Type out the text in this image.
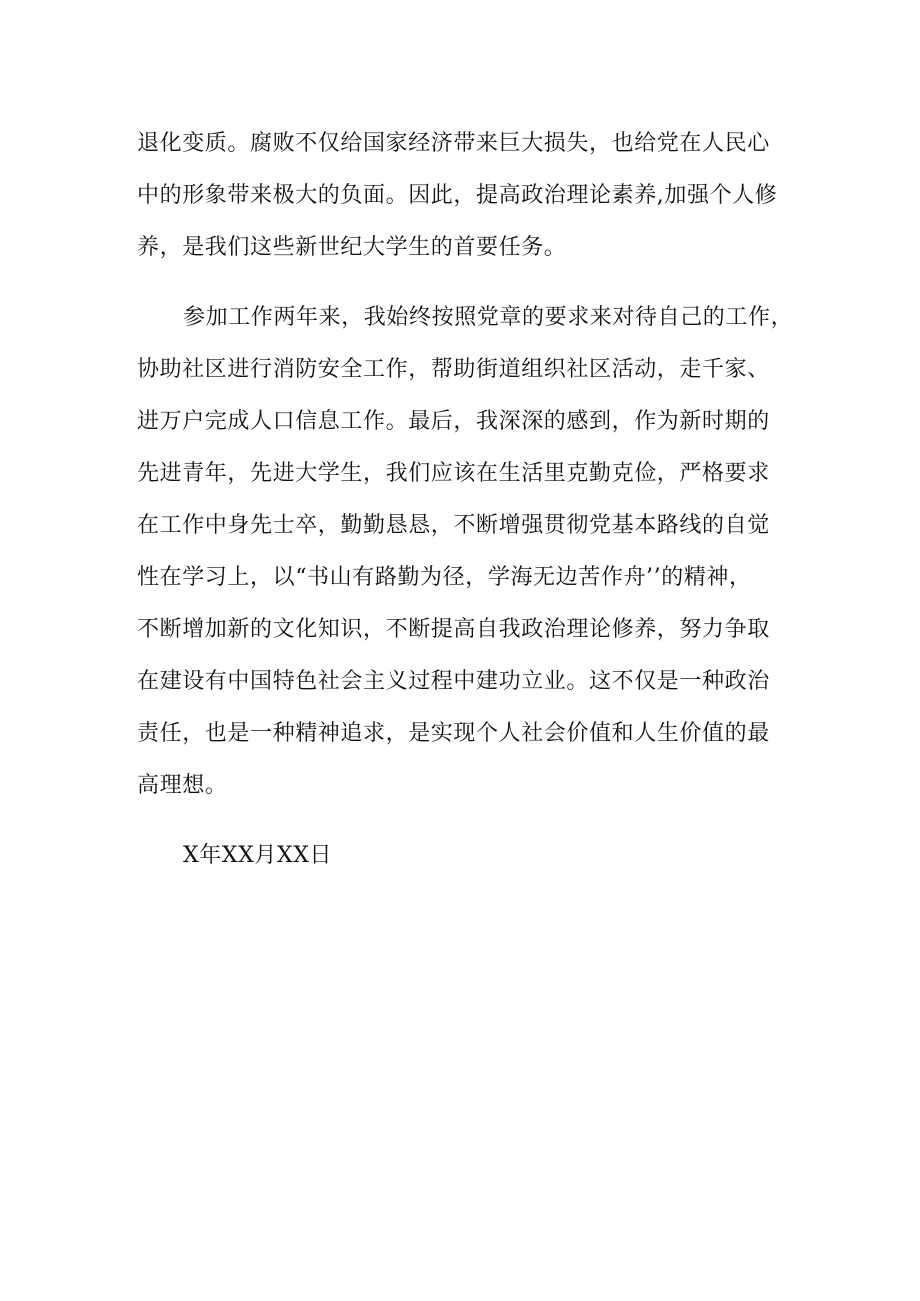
退化变质。腐败不仅给国家经济带来巨大损失，也给党在人民心
中的形象带来极大的负面。因此，提高政治理论素养,加强个人修
养，是我们这些新世纪大学生的首要任务。
参加工作两年来，我始终按照党章的要求来对待自己的工作，
协助社区进行消防安全工作，帮助街道组织社区活动，走千家、
进万户完成人口信息工作。最后，我深深的感到，作为新时期的
先进青年，先进大学生，我们应该在生活里克勤克俭，严格要求
在工作中身先士卒，勤勤恳恳，不断增强贯彻党基本路线的自觉
性在学习上，以“书山有路勤为径，学海无边苦作舟’’的精神，
不断增加新的文化知识，不断提高自我政治理论修养，努力争取
在建设有中国特色社会主义过程中建功立业。这不仅是一种政治
责任，也是一种精神追求，是实现个人社会价值和人生价值的最
高理想。
X年XX月XX日
